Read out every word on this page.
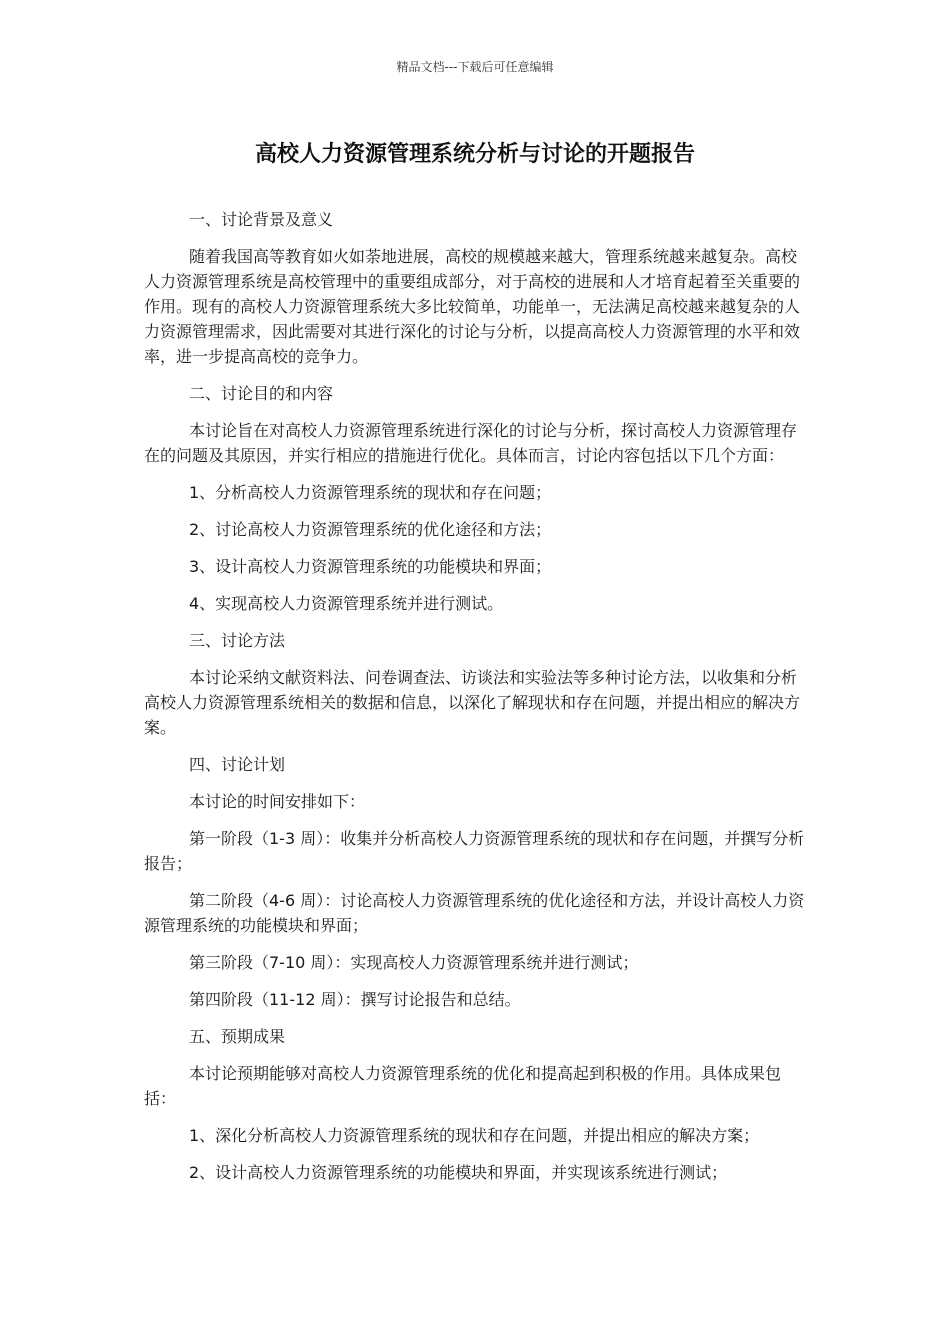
精品文档---下载后可任意编辑
高校人力资源管理系统分析与讨论的开题报告

一、讨论背景及意义

随着我国高等教育如火如荼地进展，高校的规模越来越大，管理系统越来越复杂。高校人力资源管理系统是高校管理中的重要组成部分，对于高校的进展和人才培育起着至关重要的作用。现有的高校人力资源管理系统大多比较简单，功能单一，无法满足高校越来越复杂的人力资源管理需求，因此需要对其进行深化的讨论与分析，以提高高校人力资源管理的水平和效率，进一步提高高校的竞争力。

二、讨论目的和内容

本讨论旨在对高校人力资源管理系统进行深化的讨论与分析，探讨高校人力资源管理存在的问题及其原因，并实行相应的措施进行优化。具体而言，讨论内容包括以下几个方面：

1、分析高校人力资源管理系统的现状和存在问题；

2、讨论高校人力资源管理系统的优化途径和方法；

3、设计高校人力资源管理系统的功能模块和界面；

4、实现高校人力资源管理系统并进行测试。

三、讨论方法

本讨论采纳文献资料法、问卷调查法、访谈法和实验法等多种讨论方法，以收集和分析高校人力资源管理系统相关的数据和信息，以深化了解现状和存在问题，并提出相应的解决方案。

四、讨论计划

本讨论的时间安排如下：

第一阶段（1-3 周）：收集并分析高校人力资源管理系统的现状和存在问题，并撰写分析报告；

第二阶段（4-6 周）：讨论高校人力资源管理系统的优化途径和方法，并设计高校人力资源管理系统的功能模块和界面；

第三阶段（7-10 周）：实现高校人力资源管理系统并进行测试；

第四阶段（11-12 周）：撰写讨论报告和总结。

五、预期成果

本讨论预期能够对高校人力资源管理系统的优化和提高起到积极的作用。具体成果包括：

1、深化分析高校人力资源管理系统的现状和存在问题，并提出相应的解决方案；

2、设计高校人力资源管理系统的功能模块和界面，并实现该系统进行测试；
